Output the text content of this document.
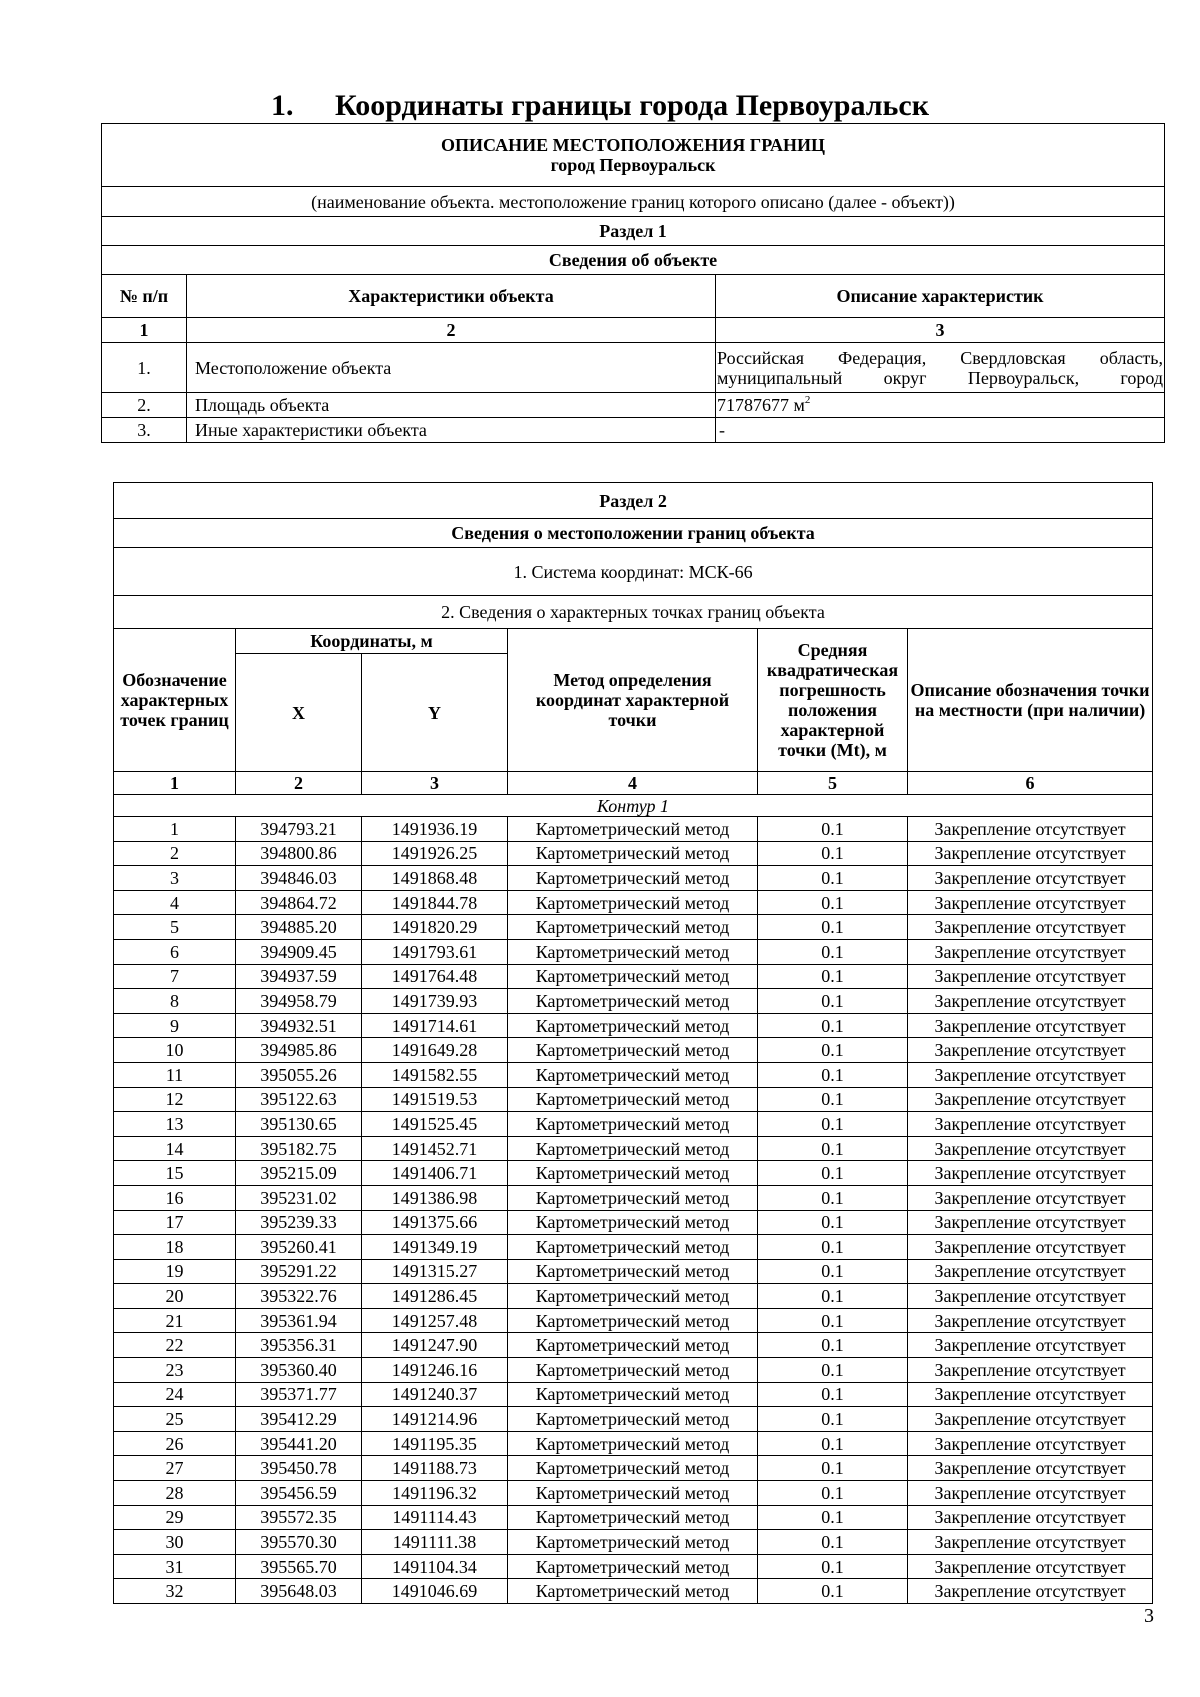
1. Координаты границы города Первоуральск
ОПИСАНИЕ МЕСТОПОЛОЖЕНИЯ ГРАНИЦ
город Первоуральск		

(наименование объекта. местоположение границ которого описано (далее - объект))		
Раздел 1		
Сведения об объекте		
№ п/п	Характеристики объекта	Описание характеристик
1	2	3
1.	Местоположение объекта	Российская Федерация, Свердловская область,
муниципальный округ Первоуральск, город

2.	Площадь объекта	71787677 $м^2$
3.	Иные характеристики объекта	-
Раздел 2					
Сведения о местоположении границ объекта					
1. Система координат: МСК-66					
2. Сведения о характерных точках границ объекта					
Обозначение характерных точек границ	Координаты, м		Метод определения координат характерной точки	Средняя квадратическая погрешность положения характерной точки (Mt), м	Описание обозначения точки на местности (при наличии)
	X	Y			
1	2	3	4	5	6
Контур 1					
1	394793.21	1491936.19	Картометрический метод	0.1	Закрепление отсутствует
2	394800.86	1491926.25	Картометрический метод	0.1	Закрепление отсутствует
3	394846.03	1491868.48	Картометрический метод	0.1	Закрепление отсутствует
4	394864.72	1491844.78	Картометрический метод	0.1	Закрепление отсутствует
5	394885.20	1491820.29	Картометрический метод	0.1	Закрепление отсутствует
6	394909.45	1491793.61	Картометрический метод	0.1	Закрепление отсутствует
7	394937.59	1491764.48	Картометрический метод	0.1	Закрепление отсутствует
8	394958.79	1491739.93	Картометрический метод	0.1	Закрепление отсутствует
9	394932.51	1491714.61	Картометрический метод	0.1	Закрепление отсутствует
10	394985.86	1491649.28	Картометрический метод	0.1	Закрепление отсутствует
11	395055.26	1491582.55	Картометрический метод	0.1	Закрепление отсутствует
12	395122.63	1491519.53	Картометрический метод	0.1	Закрепление отсутствует
13	395130.65	1491525.45	Картометрический метод	0.1	Закрепление отсутствует
14	395182.75	1491452.71	Картометрический метод	0.1	Закрепление отсутствует
15	395215.09	1491406.71	Картометрический метод	0.1	Закрепление отсутствует
16	395231.02	1491386.98	Картометрический метод	0.1	Закрепление отсутствует
17	395239.33	1491375.66	Картометрический метод	0.1	Закрепление отсутствует
18	395260.41	1491349.19	Картометрический метод	0.1	Закрепление отсутствует
19	395291.22	1491315.27	Картометрический метод	0.1	Закрепление отсутствует
20	395322.76	1491286.45	Картометрический метод	0.1	Закрепление отсутствует
21	395361.94	1491257.48	Картометрический метод	0.1	Закрепление отсутствует
22	395356.31	1491247.90	Картометрический метод	0.1	Закрепление отсутствует
23	395360.40	1491246.16	Картометрический метод	0.1	Закрепление отсутствует
24	395371.77	1491240.37	Картометрический метод	0.1	Закрепление отсутствует
25	395412.29	1491214.96	Картометрический метод	0.1	Закрепление отсутствует
26	395441.20	1491195.35	Картометрический метод	0.1	Закрепление отсутствует
27	395450.78	1491188.73	Картометрический метод	0.1	Закрепление отсутствует
28	395456.59	1491196.32	Картометрический метод	0.1	Закрепление отсутствует
29	395572.35	1491114.43	Картометрический метод	0.1	Закрепление отсутствует
30	395570.30	1491111.38	Картометрический метод	0.1	Закрепление отсутствует
31	395565.70	1491104.34	Картометрический метод	0.1	Закрепление отсутствует
32	395648.03	1491046.69	Картометрический метод	0.1	Закрепление отсутствует
3
